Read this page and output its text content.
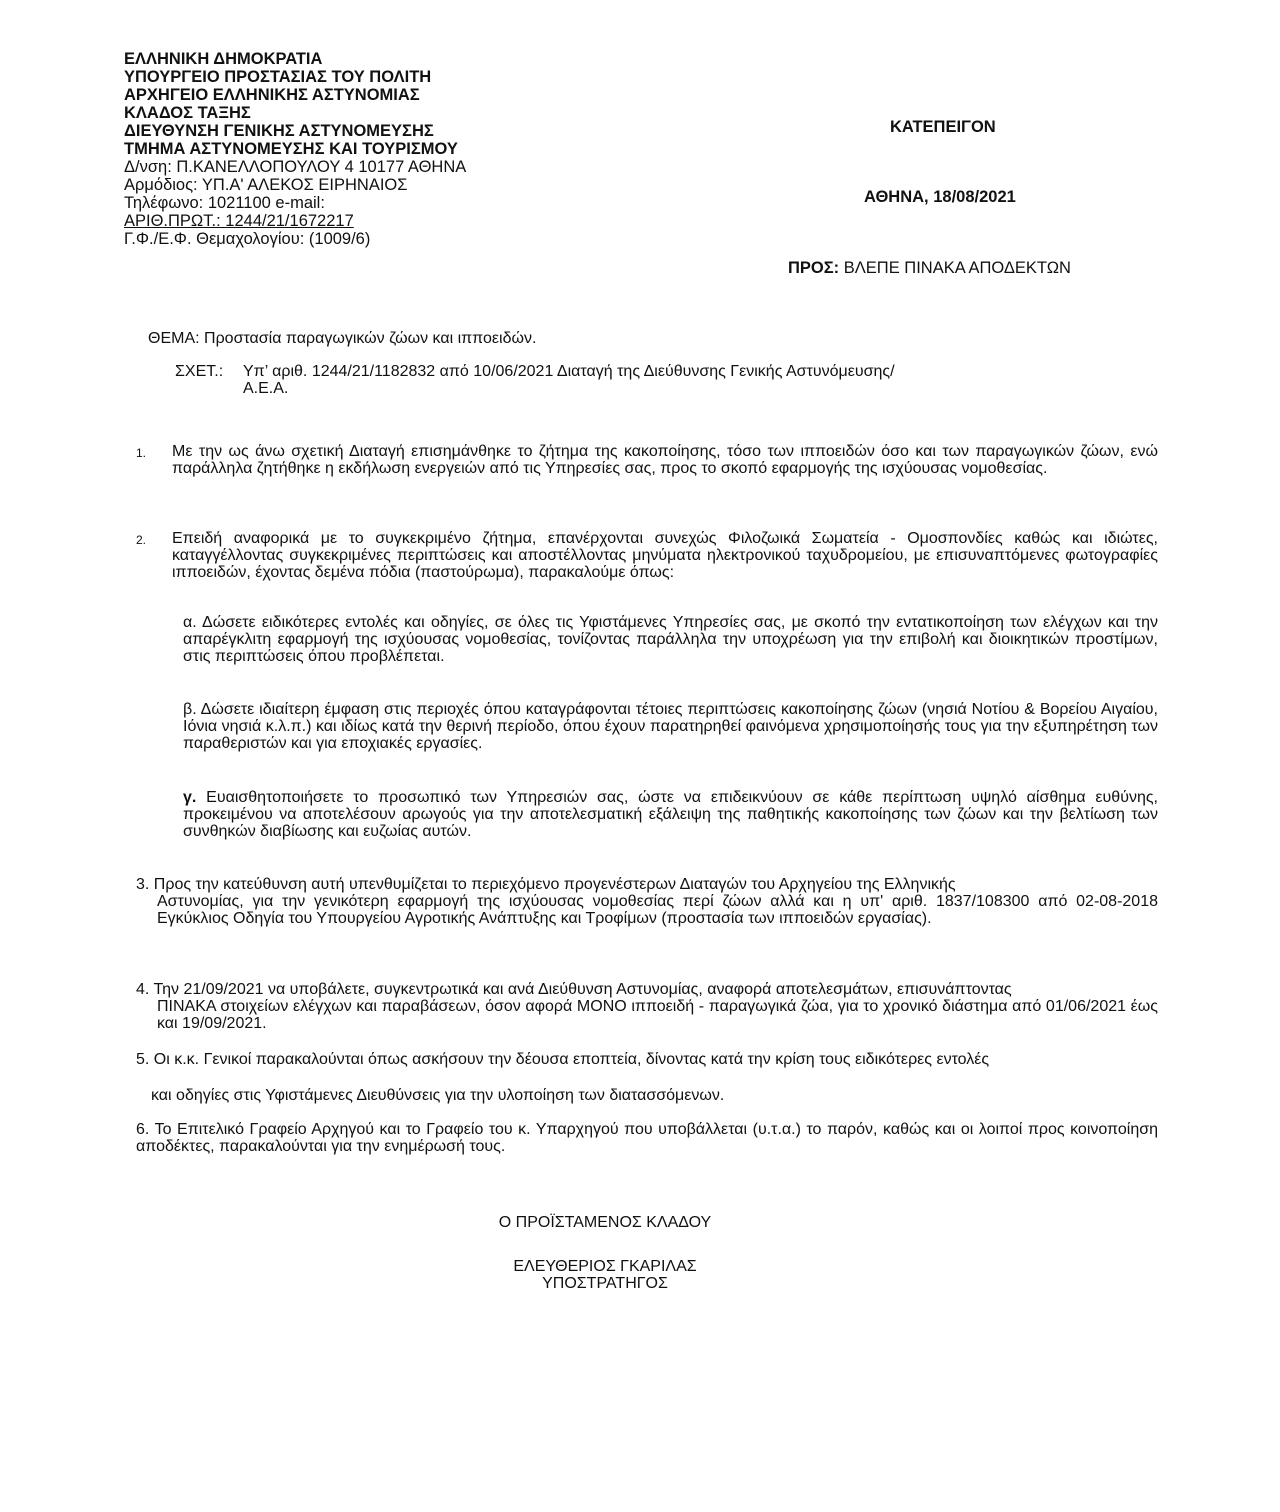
ΕΛΛΗΝΙΚΗ ΔΗΜΟΚΡΑΤΙΑ
ΥΠΟΥΡΓΕΙΟ ΠΡΟΣΤΑΣΙΑΣ ΤΟΥ ΠΟΛΙΤΗ
ΑΡΧΗΓΕΙΟ ΕΛΛΗΝΙΚΗΣ ΑΣΤΥΝΟΜΙΑΣ
ΚΛΑΔΟΣ ΤΑΞΗΣ
ΔΙΕΥΘΥΝΣΗ ΓΕΝΙΚΗΣ ΑΣΤΥΝΟΜΕΥΣΗΣ
ΤΜΗΜΑ ΑΣΤΥΝΟΜΕΥΣΗΣ ΚΑΙ ΤΟΥΡΙΣΜΟΥ
Δ/νση: Π.ΚΑΝΕΛΛΟΠΟΥΛΟΥ 4 10177 ΑΘΗΝΑ
Αρμόδιος: ΥΠ.Α' ΑΛΕΚΟΣ ΕΙΡΗΝΑΙΟΣ
Τηλέφωνο: 1021100 e-mail:
ΑΡΙΘ.ΠΡΩΤ.: 1244/21/1672217
Γ.Φ./Ε.Φ. Θεμαχολογίου: (1009/6)
ΚΑΤΕΠΕΙΓΟΝ
ΑΘΗΝΑ, 18/08/2021
ΠΡΟΣ: ΒΛΕΠΕ ΠΙΝΑΚΑ ΑΠΟΔΕΚΤΩΝ
ΘΕΜΑ: Προστασία παραγωγικών ζώων και ιπποειδών.
ΣΧΕΤ.: Υπ’ αριθ. 1244/21/1182832 από 10/06/2021 Διαταγή της Διεύθυνσης Γενικής Αστυνόμευσης/Α.Ε.Α.
1. Με την ως άνω σχετική Διαταγή επισημάνθηκε το ζήτημα της κακοποίησης, τόσο των ιπποειδών όσο και των παραγωγικών ζώων, ενώ παράλληλα ζητήθηκε η εκδήλωση ενεργειών από τις Υπηρεσίες σας, προς το σκοπό εφαρμογής της ισχύουσας νομοθεσίας.
2. Επειδή αναφορικά με το συγκεκριμένο ζήτημα, επανέρχονται συνεχώς Φιλοζωικά Σωματεία - Ομοσπονδίες καθώς και ιδιώτες, καταγγέλλοντας συγκεκριμένες περιπτώσεις και αποστέλλοντας μηνύματα ηλεκτρονικού ταχυδρομείου, με επισυναπτόμενες φωτογραφίες ιπποειδών, έχοντας δεμένα πόδια (παστούρωμα), παρακαλούμε όπως:
α. Δώσετε ειδικότερες εντολές και οδηγίες, σε όλες τις Υφιστάμενες Υπηρεσίες σας, με σκοπό την εντατικοποίηση των ελέγχων και την απαρέγκλιτη εφαρμογή της ισχύουσας νομοθεσίας, τονίζοντας παράλληλα την υποχρέωση για την επιβολή και διοικητικών προστίμων, στις περιπτώσεις όπου προβλέπεται.
β. Δώσετε ιδιαίτερη έμφαση στις περιοχές όπου καταγράφονται τέτοιες περιπτώσεις κακοποίησης ζώων (νησιά Νοτίου & Βορείου Αιγαίου, Ιόνια νησιά κ.λ.π.) και ιδίως κατά την θερινή περίοδο, όπου έχουν παρατηρηθεί φαινόμενα χρησιμοποίησής τους για την εξυπηρέτηση των παραθεριστών και για εποχιακές εργασίες.
γ. Ευαισθητοποιήσετε το προσωπικό των Υπηρεσιών σας, ώστε να επιδεικνύουν σε κάθε περίπτωση υψηλό αίσθημα ευθύνης, προκειμένου να αποτελέσουν αρωγούς για την αποτελεσματική εξάλειψη της παθητικής κακοποίησης των ζώων και την βελτίωση των συνθηκών διαβίωσης και ευζωίας αυτών.
3. Προς την κατεύθυνση αυτή υπενθυμίζεται το περιεχόμενο προγενέστερων Διαταγών του Αρχηγείου της Ελληνικής
Αστυνομίας, για την γενικότερη εφαρμογή της ισχύουσας νομοθεσίας περί ζώων αλλά και η υπ' αριθ. 1837/108300 από 02-08-2018 Εγκύκλιος Οδηγία του Υπουργείου Αγροτικής Ανάπτυξης και Τροφίμων (προστασία των ιπποειδών εργασίας).
4. Την 21/09/2021 να υποβάλετε, συγκεντρωτικά και ανά Διεύθυνση Αστυνομίας, αναφορά αποτελεσμάτων, επισυνάπτοντας
ΠΙΝΑΚΑ στοιχείων ελέγχων και παραβάσεων, όσον αφορά ΜΟΝΟ ιπποειδή - παραγωγικά ζώα, για το χρονικό διάστημα από 01/06/2021 έως και 19/09/2021.
5. Οι κ.κ. Γενικοί παρακαλούνται όπως ασκήσουν την δέουσα εποπτεία, δίνοντας κατά την κρίση τους ειδικότερες εντολές
και οδηγίες στις Υφιστάμενες Διευθύνσεις για την υλοποίηση των διατασσόμενων.
6. Το Επιτελικό Γραφείο Αρχηγού και το Γραφείο του κ. Υπαρχηγού που υποβάλλεται (υ.τ.α.) το παρόν, καθώς και οι λοιποί προς κοινοποίηση αποδέκτες, παρακαλούνται για την ενημέρωσή τους.
Ο ΠΡΟΪΣΤΑΜΕΝΟΣ ΚΛΑΔΟΥ
ΕΛΕΥΘΕΡΙΟΣ ΓΚΑΡΙΛΑΣ
ΥΠΟΣΤΡΑΤΗΓΟΣ
